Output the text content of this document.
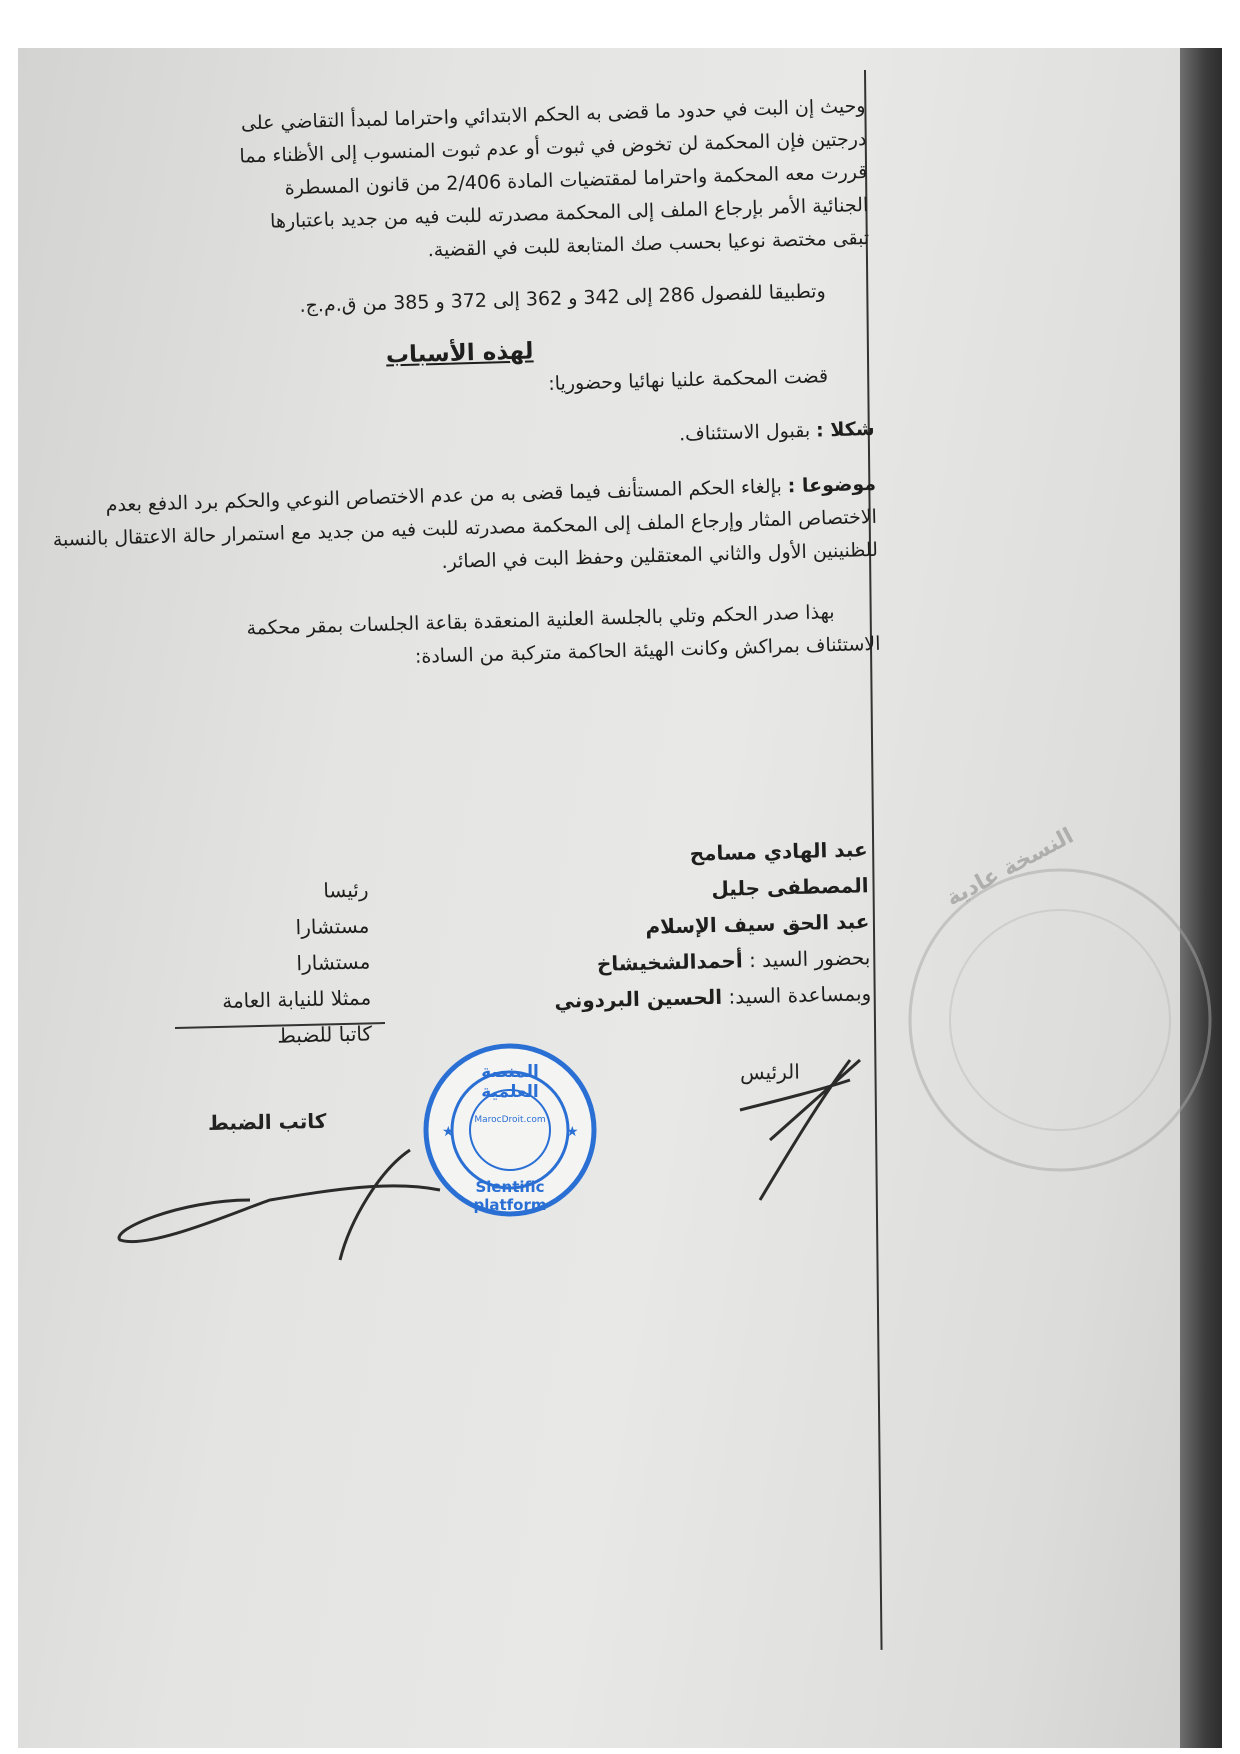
وحيث إن البت في حدود ما قضى به الحكم الابتدائي واحتراما لمبدأ التقاضي على
درجتين فإن المحكمة لن تخوض في ثبوت أو عدم ثبوت المنسوب إلى الأظناء مما
قررت معه المحكمة واحتراما لمقتضيات المادة 2/406 من قانون المسطرة
الجنائية الأمر بإرجاع الملف إلى المحكمة مصدرته للبت فيه من جديد باعتبارها
تبقى مختصة نوعيا بحسب صك المتابعة للبت في القضية.

وتطبيقا للفصول 286 إلى 342 و 362 إلى 372 و 385 من ق.م.ج.
لهذه الأسباب
قضت المحكمة علنيا نهائيا وحضوريا:
شكلا : بقبول الاستئناف.
موضوعا : بإلغاء الحكم المستأنف فيما قضى به من عدم الاختصاص النوعي والحكم برد الدفع بعدم الاختصاص المثار وإرجاع الملف إلى المحكمة مصدرته للبت فيه من جديد مع استمرار حالة الاعتقال بالنسبة للظنينين الأول والثاني المعتقلين وحفظ البت في الصائر.
بهذا صدر الحكم وتلي بالجلسة العلنية المنعقدة بقاعة الجلسات بمقر محكمة
الاستئناف بمراكش وكانت الهيئة الحاكمة متركبة من السادة:
عبد الهادي مسامح
المصطفى جليل
عبد الحق سيف الإسلام
بحضور السيد : أحمدالشخيشاخ
وبمساعدة السيد: الحسين البردوني
رئيسا
مستشارا
مستشارا
ممثلا للنيابة العامة
كاتبا للضبط
الرئيس
كاتب الضبط	★	★
المنصة العلمية
MarocDroit.com
Sientific platform
النسخة عادية
